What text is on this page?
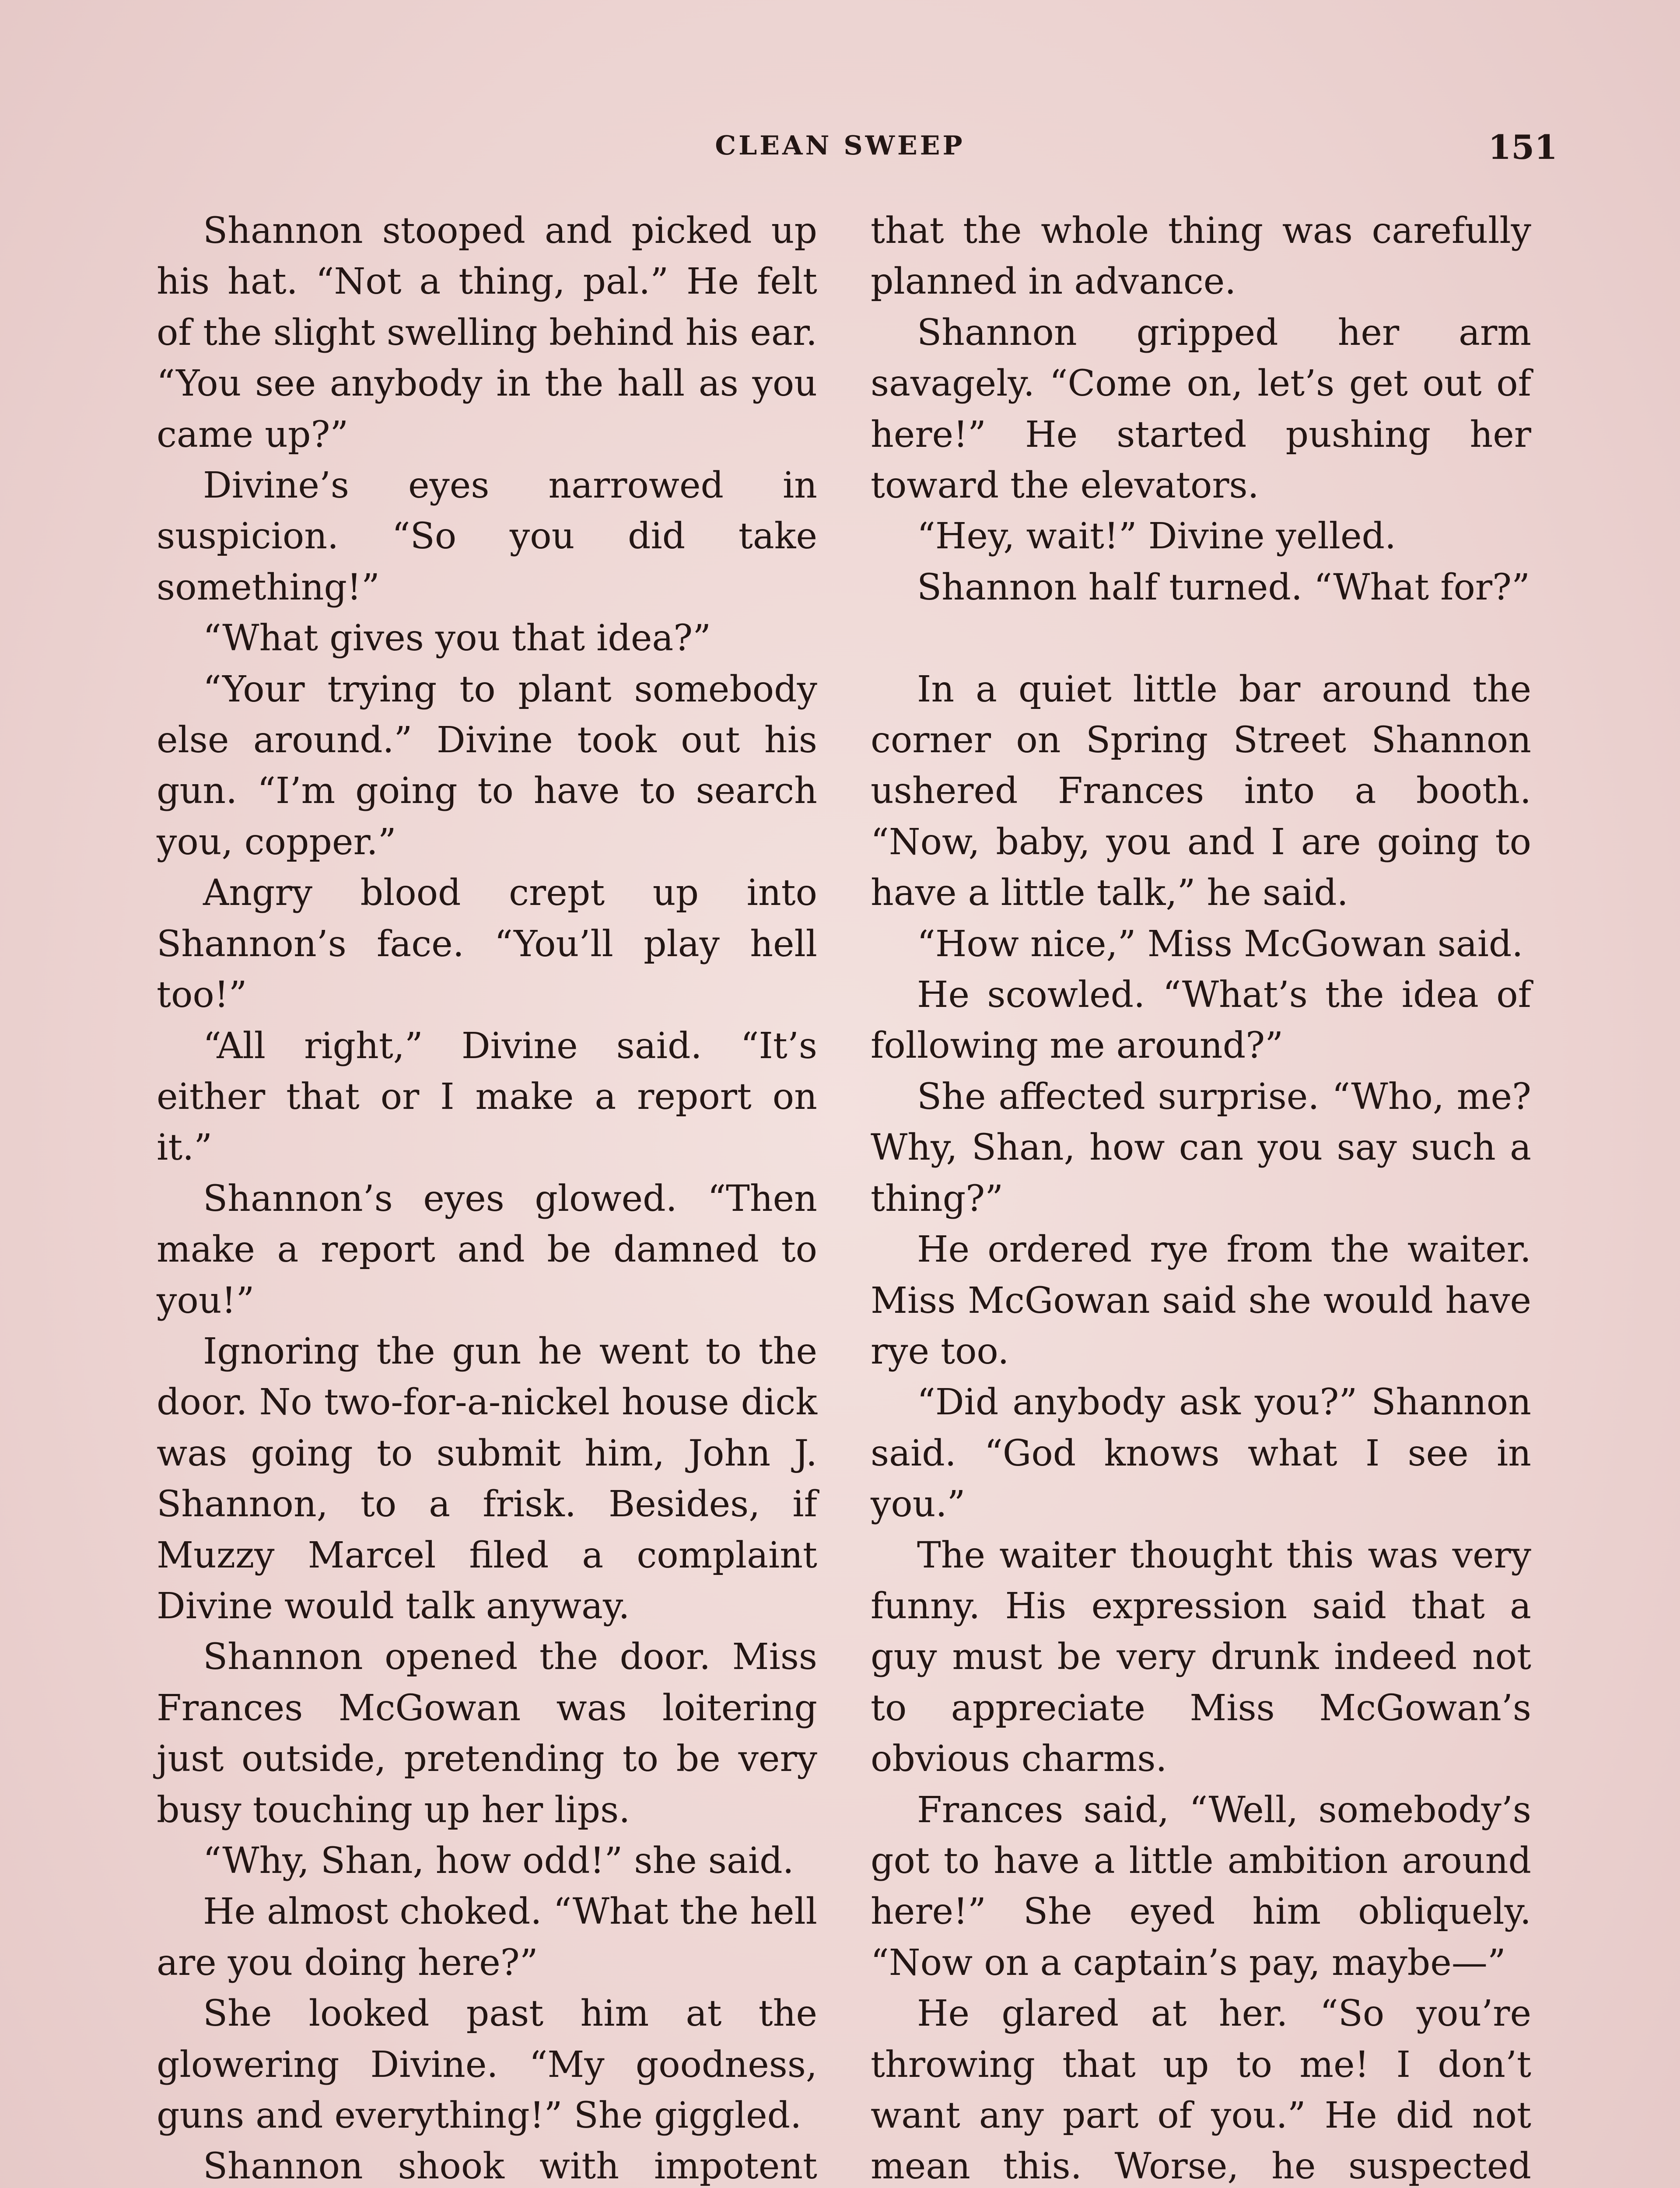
CLEAN SWEEP	151

Shannon stooped and picked up his hat. “Not a thing, pal.” He felt of the slight swelling behind his ear. “You see anybody in the hall as you came up?”

Divine’s eyes narrowed in suspicion. “So you did take something!”

“What gives you that idea?”

“Your trying to plant somebody else around.” Divine took out his gun. “I’m going to have to search you, copper.”

Angry blood crept up into Shannon’s face. “You’ll play hell too!”

“All right,” Divine said. “It’s either that or I make a report on it.”

Shannon’s eyes glowed. “Then make a report and be damned to you!”

Ignoring the gun he went to the door. No two-for-a-nickel house dick was going to submit him, John J. Shannon, to a frisk. Besides, if Muzzy Marcel filed a complaint Divine would talk anyway.

Shannon opened the door. Miss Frances McGowan was loitering just outside, pretending to be very busy touching up her lips.

“Why, Shan, how odd!” she said.

He almost choked. “What the hell are you doing here?”

She looked past him at the glowering Divine. “My goodness, guns and everything!” She giggled.

Shannon shook with impotent

that the whole thing was carefully planned in advance.

Shannon gripped her arm savagely. “Come on, let’s get out of here!” He started pushing her toward the elevators.

“Hey, wait!” Divine yelled.

Shannon half turned. “What for?”

In a quiet little bar around the corner on Spring Street Shannon ushered Frances into a booth. “Now, baby, you and I are going to have a little talk,” he said.

“How nice,” Miss McGowan said.

He scowled. “What’s the idea of following me around?”

She affected surprise. “Who, me? Why, Shan, how can you say such a thing?”

He ordered rye from the waiter. Miss McGowan said she would have rye too.

“Did anybody ask you?” Shannon said. “God knows what I see in you.”

The waiter thought this was very funny. His expression said that a guy must be very drunk indeed not to appreciate Miss McGowan’s obvious charms.

Frances said, “Well, somebody’s got to have a little ambition around here!” She eyed him obliquely. “Now on a captain’s pay, maybe—”

He glared at her. “So you’re throwing that up to me! I don’t want any part of you.” He did not mean this. Worse, he suspected
